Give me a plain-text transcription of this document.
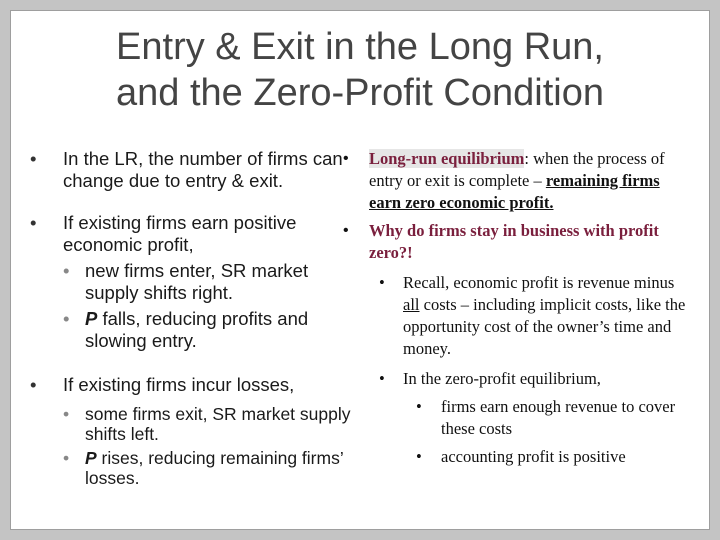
Entry & Exit in the Long Run,
and the Zero-Profit Condition
• In the LR, the number of firms can change due to entry & exit.
• If existing firms earn positive economic profit,
• new firms enter, SR market supply shifts right.
• P falls, reducing profits and slowing entry.
• If existing firms incur losses,
• some firms exit, SR market supply shifts left.
• P rises, reducing remaining firms’ losses.
• Long-run equilibrium: when the process of entry or exit is complete – remaining firms earn zero economic profit.
• Why do firms stay in business with profit zero?!
• Recall, economic profit is revenue minus all costs – including implicit costs, like the opportunity cost of the owner’s time and money.
• In the zero-profit equilibrium,
• firms earn enough revenue to cover these costs
• accounting profit is positive
